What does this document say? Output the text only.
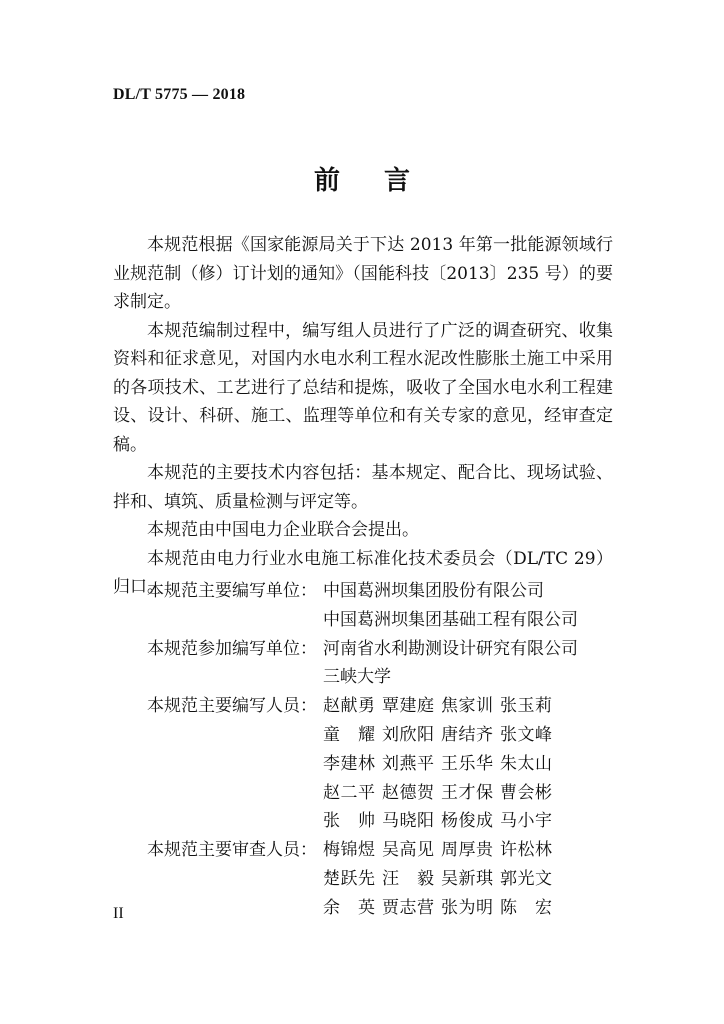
DL/T 5775 — 2018
前 言

本规范根据《国家能源局关于下达 2013 年第一批能源领域行业规范制（修）订计划的通知》（国能科技〔2013〕235 号）的要求制定。

本规范编制过程中，编写组人员进行了广泛的调查研究、收集资料和征求意见，对国内水电水利工程水泥改性膨胀土施工中采用的各项技术、工艺进行了总结和提炼，吸收了全国水电水利工程建设、设计、科研、施工、监理等单位和有关专家的意见，经审查定稿。

本规范的主要技术内容包括：基本规定、配合比、现场试验、拌和、填筑、质量检测与评定等。

本规范由中国电力企业联合会提出。

本规范由电力行业水电施工标准化技术委员会（DL/TC 29）归口。

本规范主要编写单位： 中国葛洲坝集团股份有限公司
中国葛洲坝集团基础工程有限公司
本规范参加编写单位： 河南省水利勘测设计研究有限公司
三峡大学
本规范主要编写人员： 赵献勇 覃建庭 焦家训 张玉莉
童　耀 刘欣阳 唐结齐 张文峰
李建林 刘燕平 王乐华 朱太山
赵二平 赵德贺 王才保 曹会彬
张　帅 马晓阳 杨俊成 马小宇
本规范主要审查人员： 梅锦煜 吴高见 周厚贵 许松林
楚跃先 汪　毅 吴新琪 郭光文
余　英 贾志营 张为明 陈　宏
II
